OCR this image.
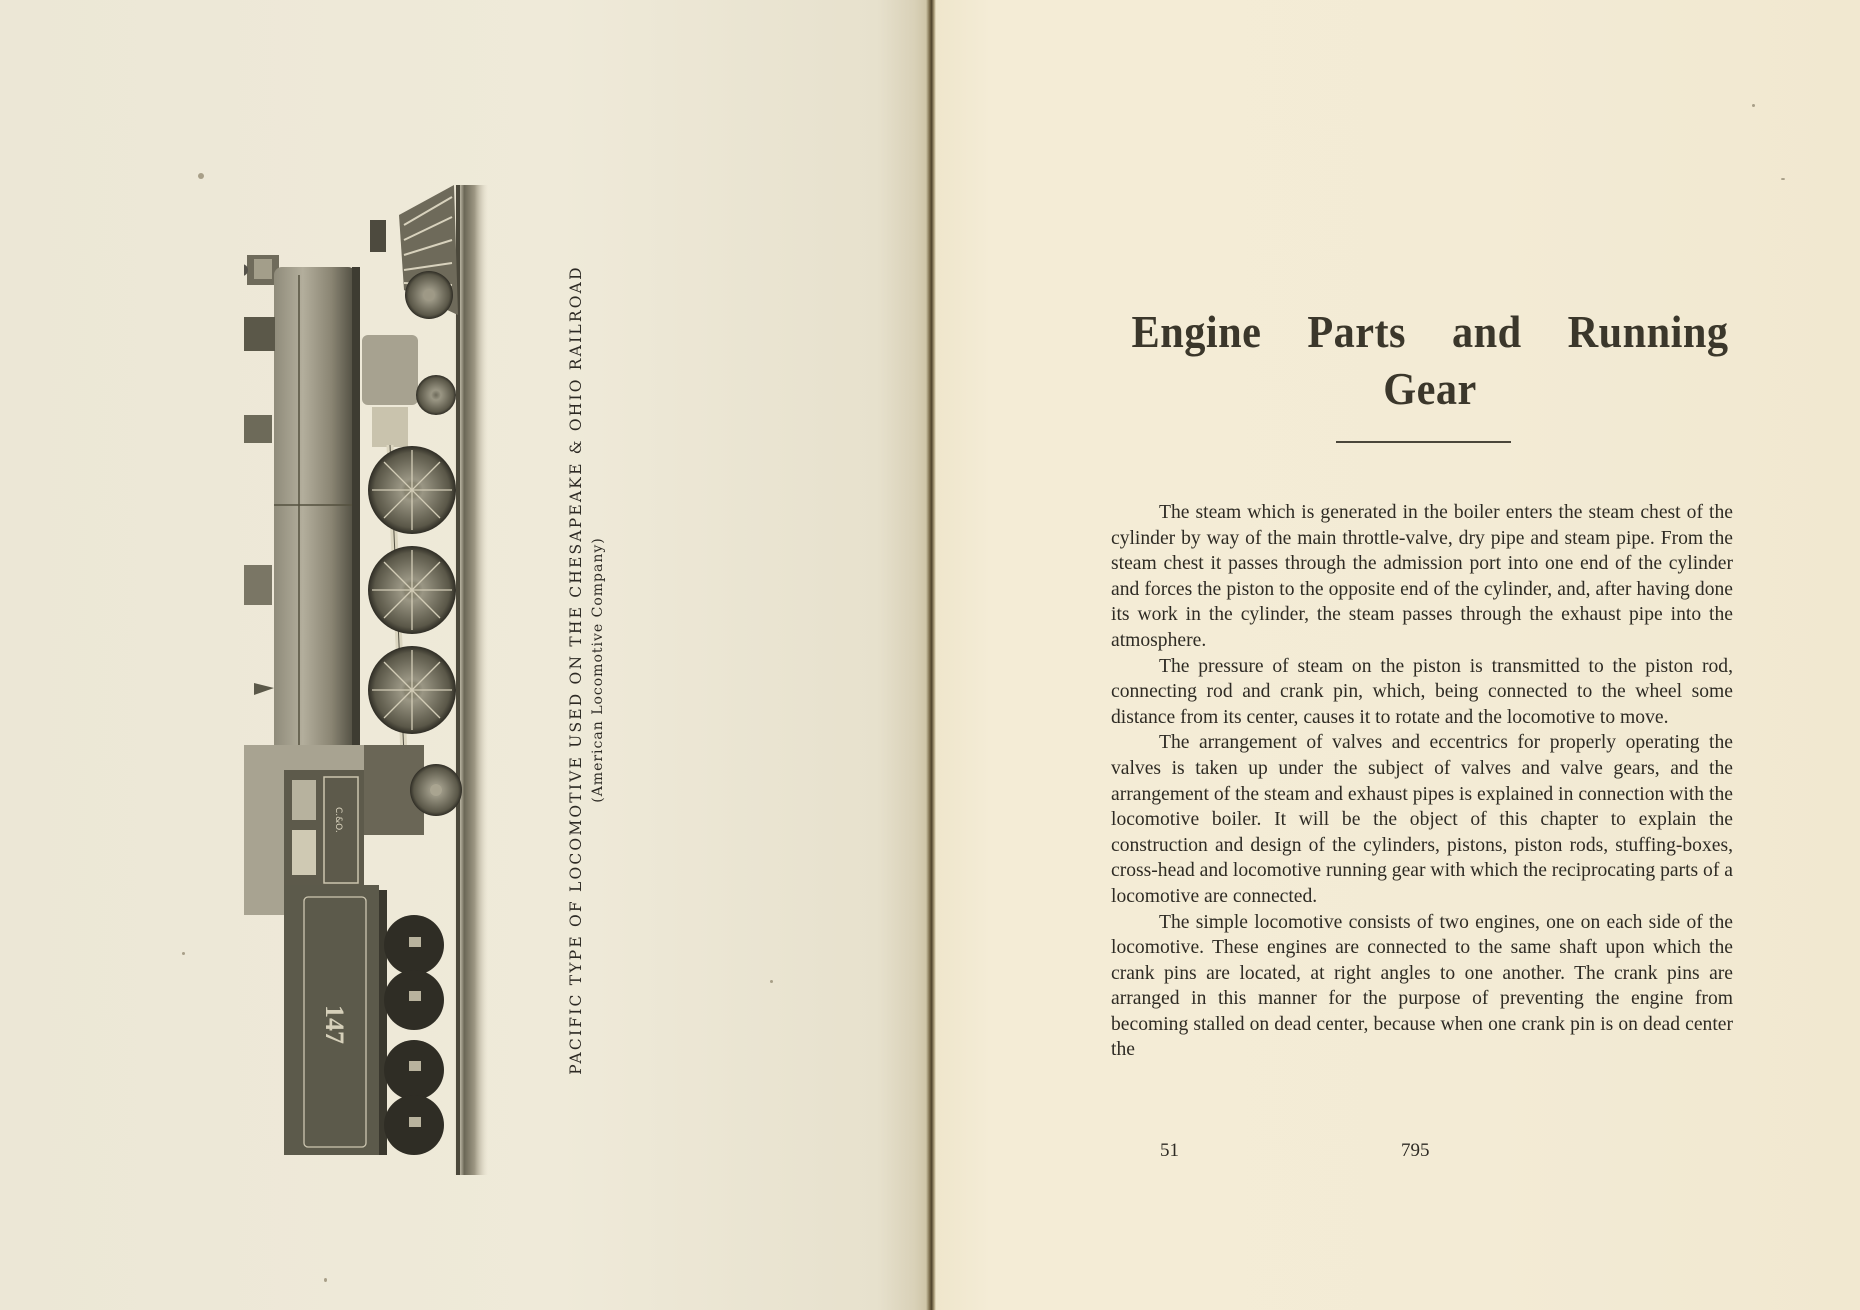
C.&O.
147	PACIFIC TYPE OF LOCOMOTIVE USED ON THE CHESAPEAKE & OHIO RAILROAD (American Locomotive Company)
Engine Parts and Running
Gear

The steam which is generated in the boiler enters the steam chest of the cylinder by way of the main throttle-valve, dry pipe and steam pipe. From the steam chest it passes through the admission port into one end of the cylinder and forces the piston to the opposite end of the cylinder, and, after having done its work in the cylinder, the steam passes through the exhaust pipe into the atmosphere.

The pressure of steam on the piston is transmitted to the piston rod, connecting rod and crank pin, which, being connected to the wheel some distance from its center, causes it to rotate and the locomotive to move.

The arrangement of valves and eccentrics for properly operating the valves is taken up under the subject of valves and valve gears, and the arrangement of the steam and exhaust pipes is explained in connection with the locomotive boiler. It will be the object of this chapter to explain the construction and design of the cylinders, pistons, piston rods, stuffing-boxes, cross-head and locomotive running gear with which the reciprocating parts of a locomotive are connected.

The simple locomotive consists of two engines, one on each side of the locomotive. These engines are connected to the same shaft upon which the crank pins are located, at right angles to one another. The crank pins are arranged in this manner for the purpose of preventing the engine from becoming stalled on dead center, because when one crank pin is on dead center the

51	795
